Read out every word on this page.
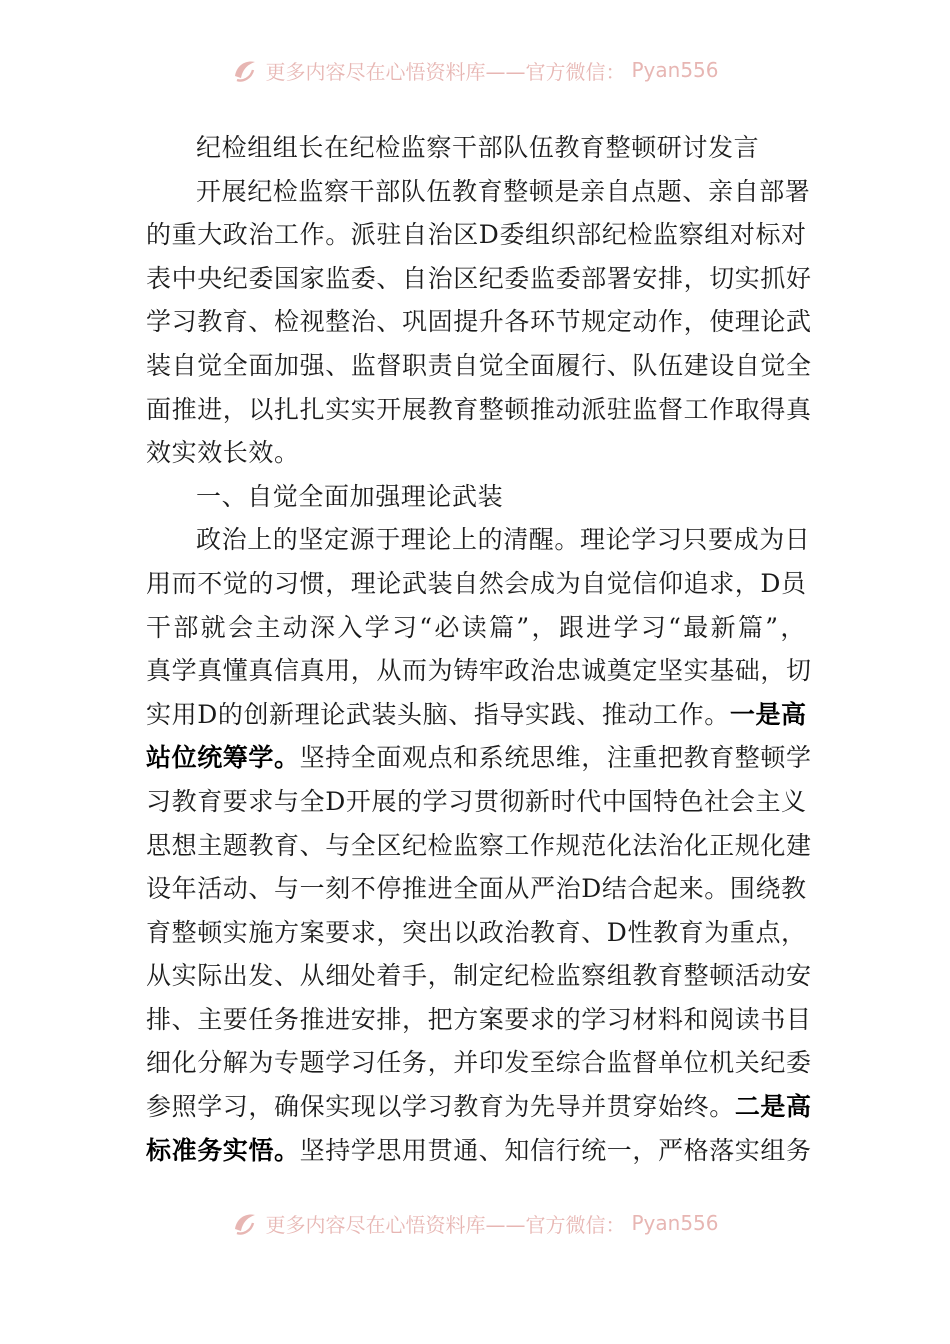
更多内容尽在心悟资料库——官方微信： Pyan556
纪检组组长在纪检监察干部队伍教育整顿研讨发言
开展纪检监察干部队伍教育整顿是亲自点题、亲自部署
的重大政治工作。派驻自治区D委组织部纪检监察组对标对
表中央纪委国家监委、自治区纪委监委部署安排，切实抓好
学习教育、检视整治、巩固提升各环节规定动作，使理论武
装自觉全面加强、监督职责自觉全面履行、队伍建设自觉全
面推进，以扎扎实实开展教育整顿推动派驻监督工作取得真
效实效长效。
一、自觉全面加强理论武装
政治上的坚定源于理论上的清醒。理论学习只要成为日
用而不觉的习惯，理论武装自然会成为自觉信仰追求，D员
干部就会主动深入学习“必读篇”，跟进学习“最新篇”，
真学真懂真信真用，从而为铸牢政治忠诚奠定坚实基础，切
实用D的创新理论武装头脑、指导实践、推动工作。一是高
站位统筹学。坚持全面观点和系统思维，注重把教育整顿学
习教育要求与全D开展的学习贯彻新时代中国特色社会主义
思想主题教育、与全区纪检监察工作规范化法治化正规化建
设年活动、与一刻不停推进全面从严治D结合起来。围绕教
育整顿实施方案要求，突出以政治教育、D性教育为重点，
从实际出发、从细处着手，制定纪检监察组教育整顿活动安
排、主要任务推进安排，把方案要求的学习材料和阅读书目
细化分解为专题学习任务，并印发至综合监督单位机关纪委
参照学习，确保实现以学习教育为先导并贯穿始终。二是高
标准务实悟。坚持学思用贯通、知信行统一，严格落实组务
更多内容尽在心悟资料库——官方微信： Pyan556
